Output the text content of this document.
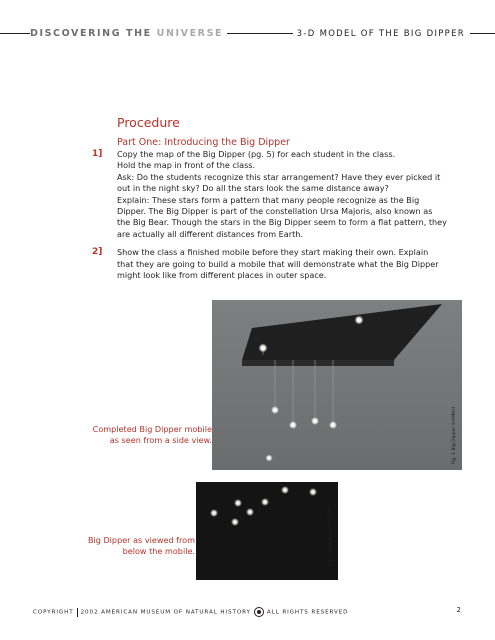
DISCOVERING THE UNIVERSE	3-D MODEL OF THE BIG DIPPER
Procedure
Part One: Introducing the Big Dipper
1] Copy the map of the Big Dipper (pg. 5) for each student in the class.

Hold the map in front of the class.

Ask: Do the students recognize this star arrangement? Have they ever picked it out in the night sky? Do all the stars look the same distance away?

Explain: These stars form a pattern that many people recognize as the Big Dipper. The Big Dipper is part of the constellation Ursa Majoris, also known as the Big Bear. Though the stars in the Big Dipper seem to form a flat pattern, they are actually all different distances from Earth.

2] Show the class a finished mobile before they start making their own. Explain that they are going to build a mobile that will demonstrate what the Big Dipper might look like from different places in outer space.

Fig. 1 Big Dipper ©AMNH
Completed Big Dipper mobile as seen from a side view.
Fig. 2 Big Dipper ©AMNH
Big Dipper as viewed from below the mobile.
COPYRIGHT 2002 AMERICAN MUSEUM OF NATURAL HISTORY	ALL RIGHTS RESERVED	2
